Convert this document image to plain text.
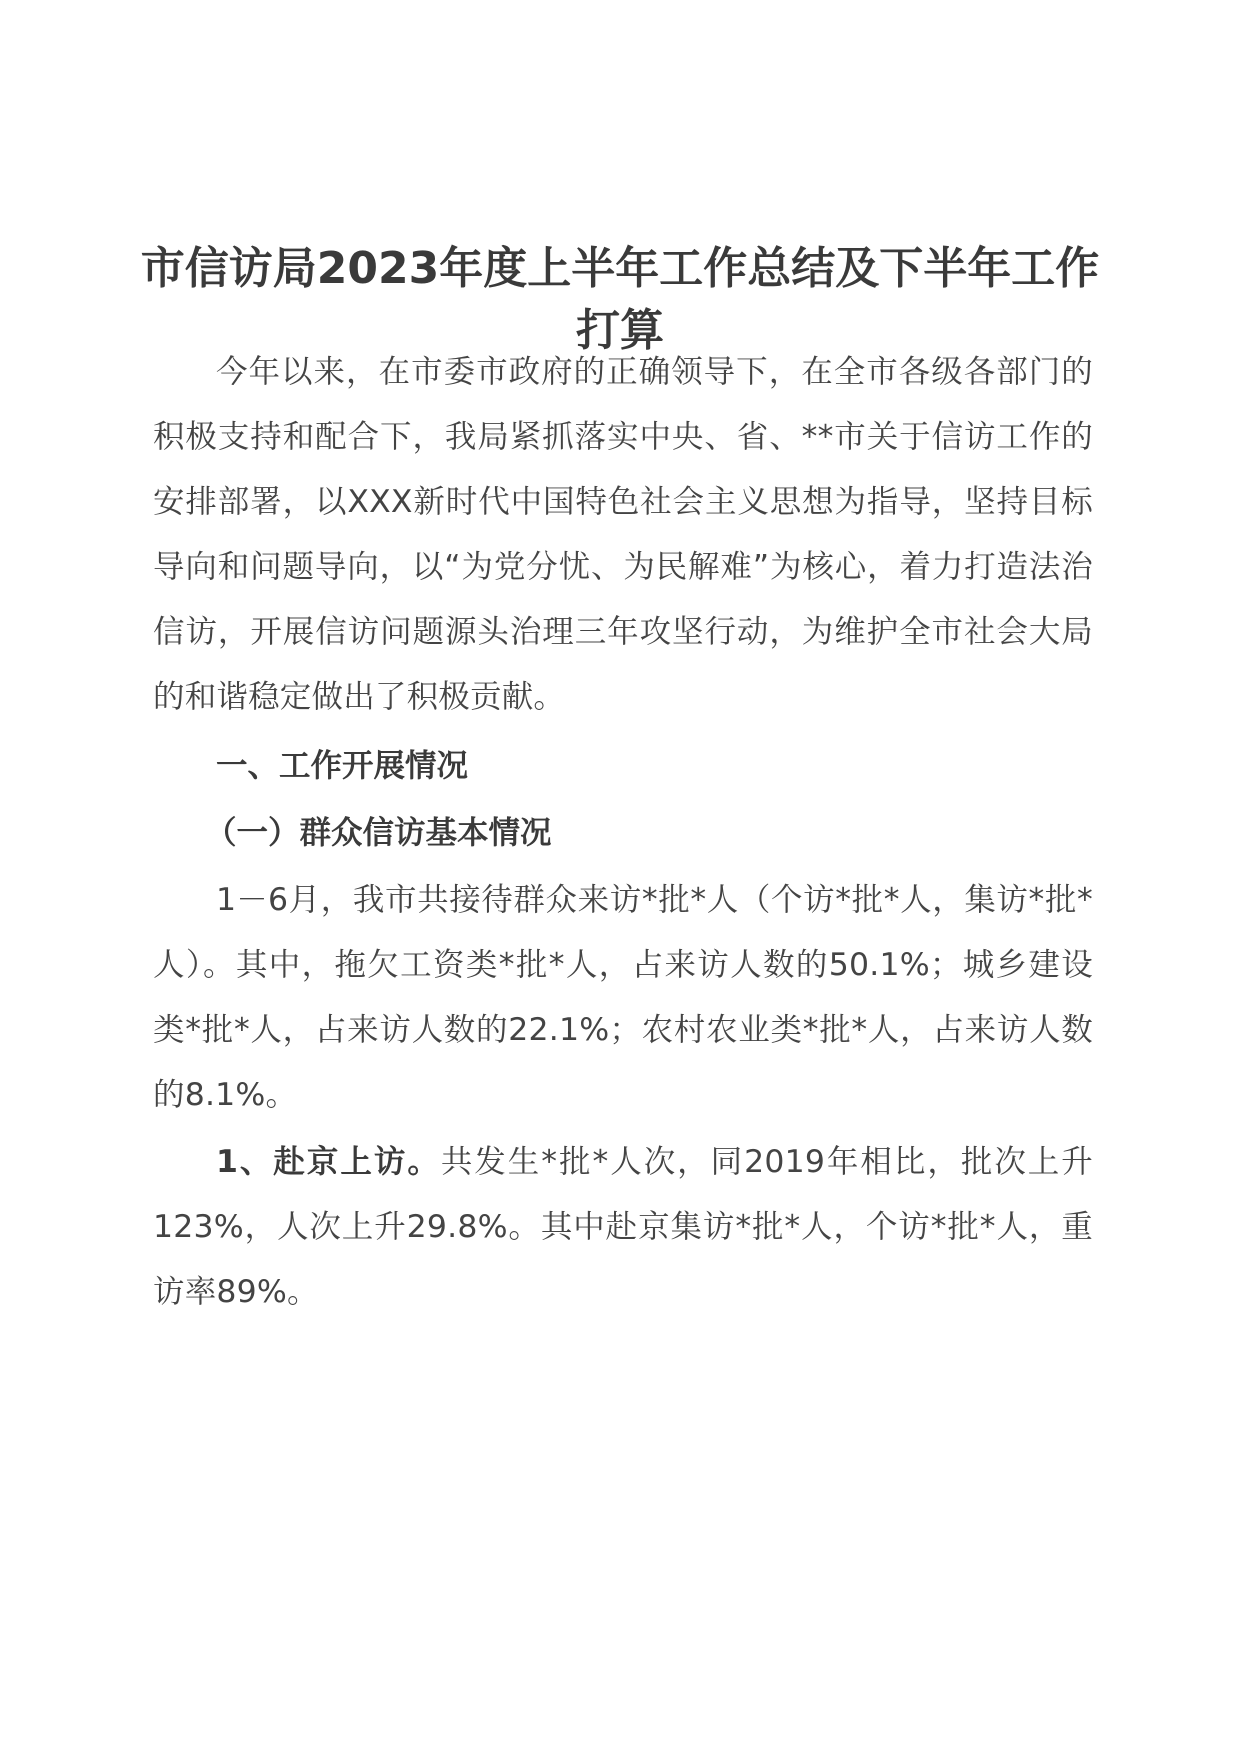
市信访局2023年度上半年工作总结及下半年工作打算

今年以来，在市委市政府的正确领导下，在全市各级各部门的积极支持和配合下，我局紧抓落实中央、省、**市关于信访工作的安排部署，以XXX新时代中国特色社会主义思想为指导，坚持目标导向和问题导向，以“为党分忧、为民解难”为核心，着力打造法治信访，开展信访问题源头治理三年攻坚行动，为维护全市社会大局的和谐稳定做出了积极贡献。

一、工作开展情况

（一）群众信访基本情况

1－6月，我市共接待群众来访*批*人（个访*批*人，集访*批*人）。其中，拖欠工资类*批*人，占来访人数的50.1%；城乡建设类*批*人，占来访人数的22.1%；农村农业类*批*人，占来访人数的8.1%。

1、赴京上访。共发生*批*人次，同2019年相比，批次上升123%，人次上升29.8%。其中赴京集访*批*人，个访*批*人，重访率89%。
